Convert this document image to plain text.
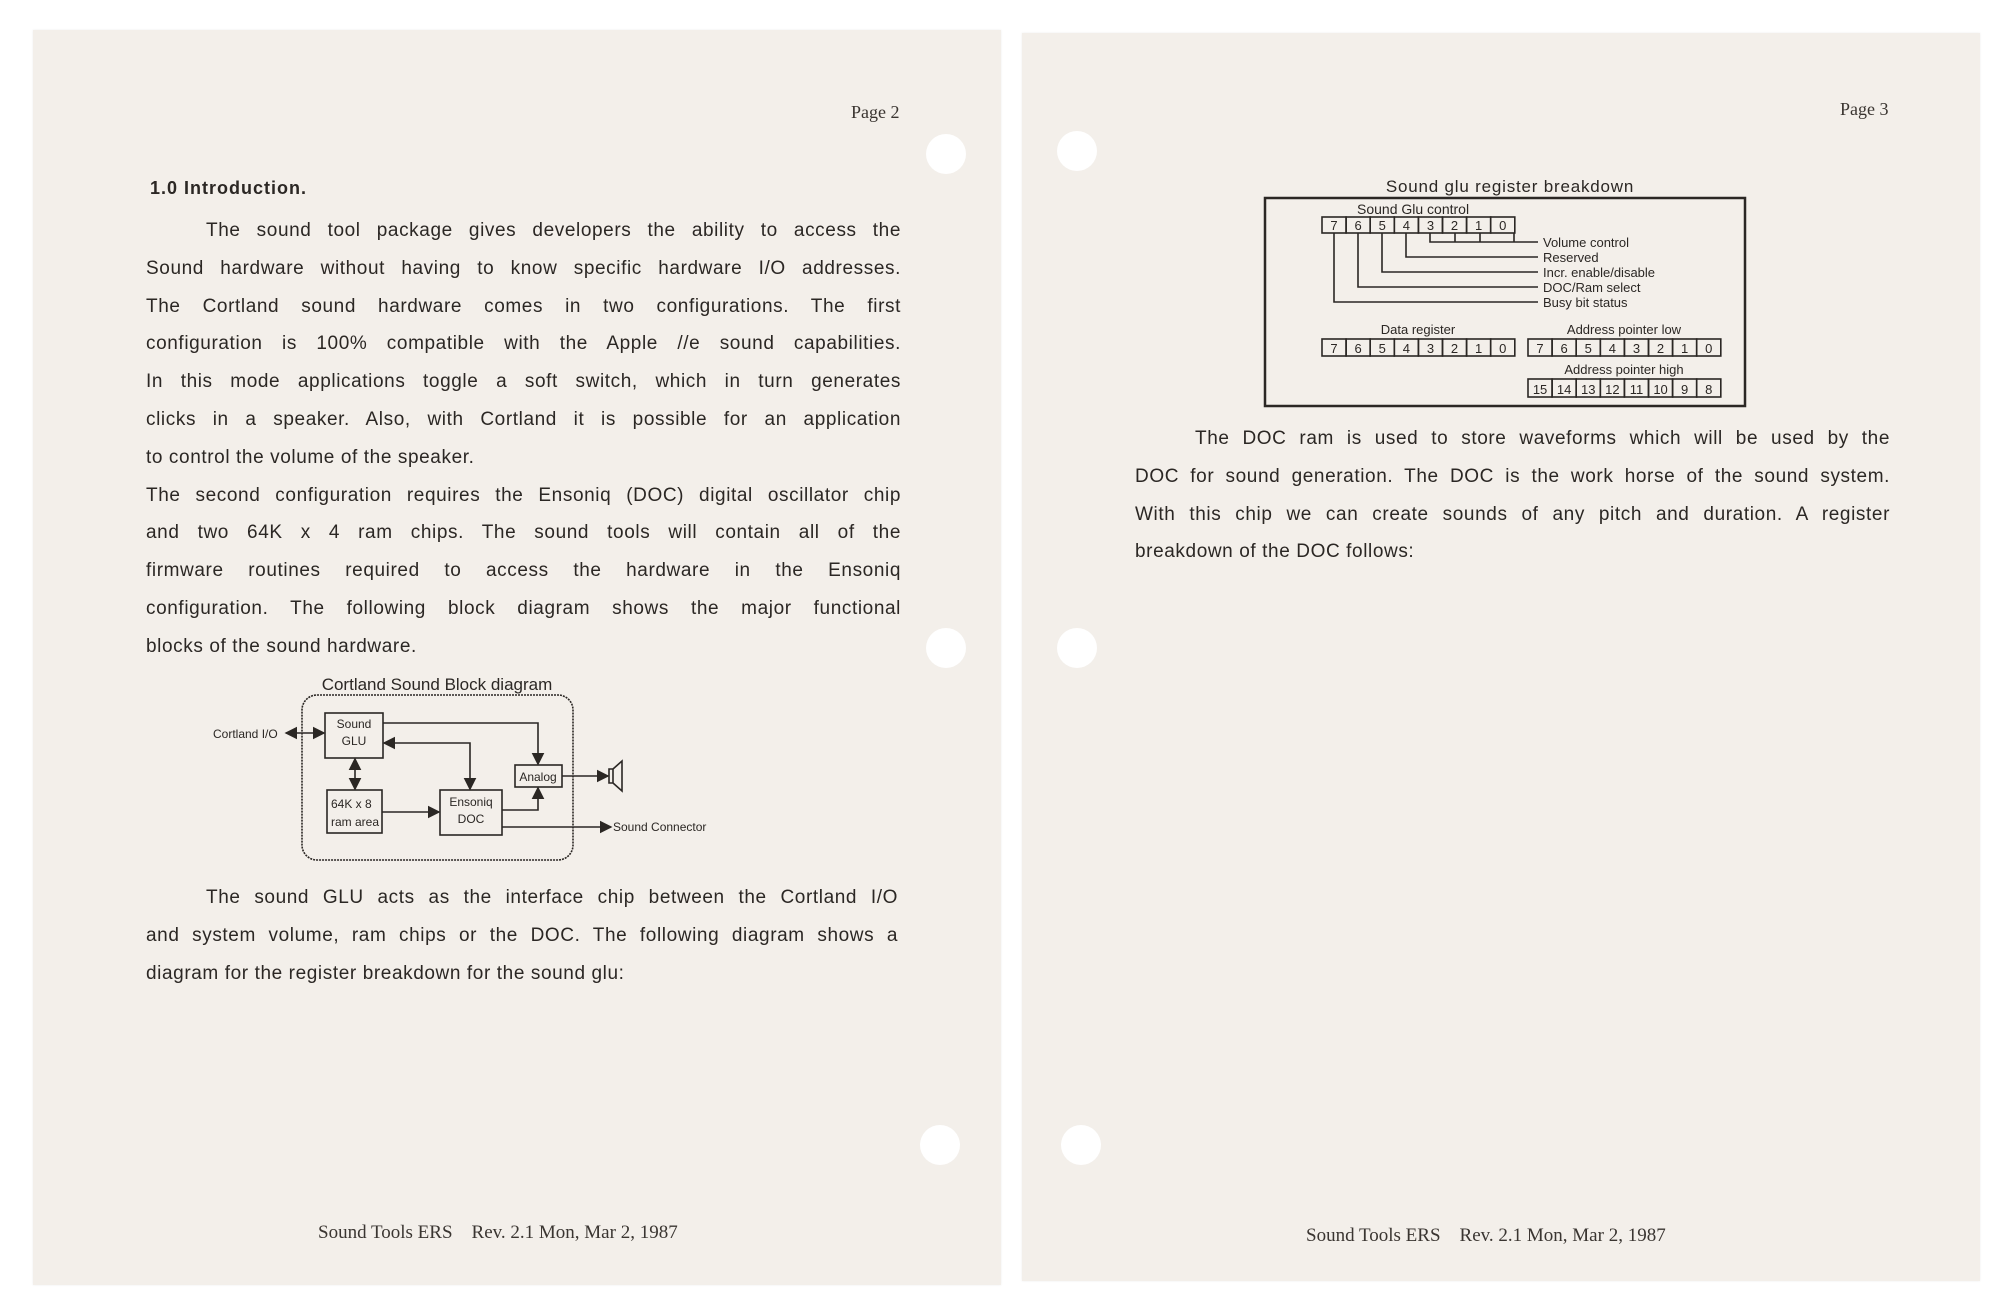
Page 2
1.0 Introduction.
The sound tool package gives developers the ability to access the
Sound hardware without having to know specific hardware I/O addresses.
The Cortland sound hardware comes in two configurations. The first
configuration is 100% compatible with the Apple //e sound capabilities.
In this mode applications toggle a soft switch, which in turn generates
clicks in a speaker. Also, with Cortland it is possible for an application
to control the volume of the speaker.
The second configuration requires the Ensoniq (DOC) digital oscillator chip
and two 64K x 4 ram chips. The sound tools will contain all of the
firmware routines required to access the hardware in the Ensoniq
configuration. The following block diagram shows the major functional
blocks of the sound hardware.
Cortland Sound Block diagram
Cortland I/O
Sound
GLU
64K x 8
ram area
Ensoniq
DOC
Analog
Sound Connector
The sound GLU acts as the interface chip between the Cortland I/O
and system volume, ram chips or the DOC. The following diagram shows a
diagram for the register breakdown for the sound glu:
Sound Tools ERS    Rev. 2.1 Mon, Mar 2, 1987
Page 3
Sound glu register breakdown
Sound Glu control
7 6 5 4 3 2 1 0
Volume control
Reserved
Incr. enable/disable
DOC/Ram select
Busy bit status
Data register
7 6 5 4 3 2 1 0
Address pointer low
7 6 5 4 3 2 1 0
Address pointer high
15 14 13 12 11 10 9 8
The DOC ram is used to store waveforms which will be used by the
DOC for sound generation. The DOC is the work horse of the sound system.
With this chip we can create sounds of any pitch and duration. A register
breakdown of the DOC follows:
Sound Tools ERS    Rev. 2.1 Mon, Mar 2, 1987
